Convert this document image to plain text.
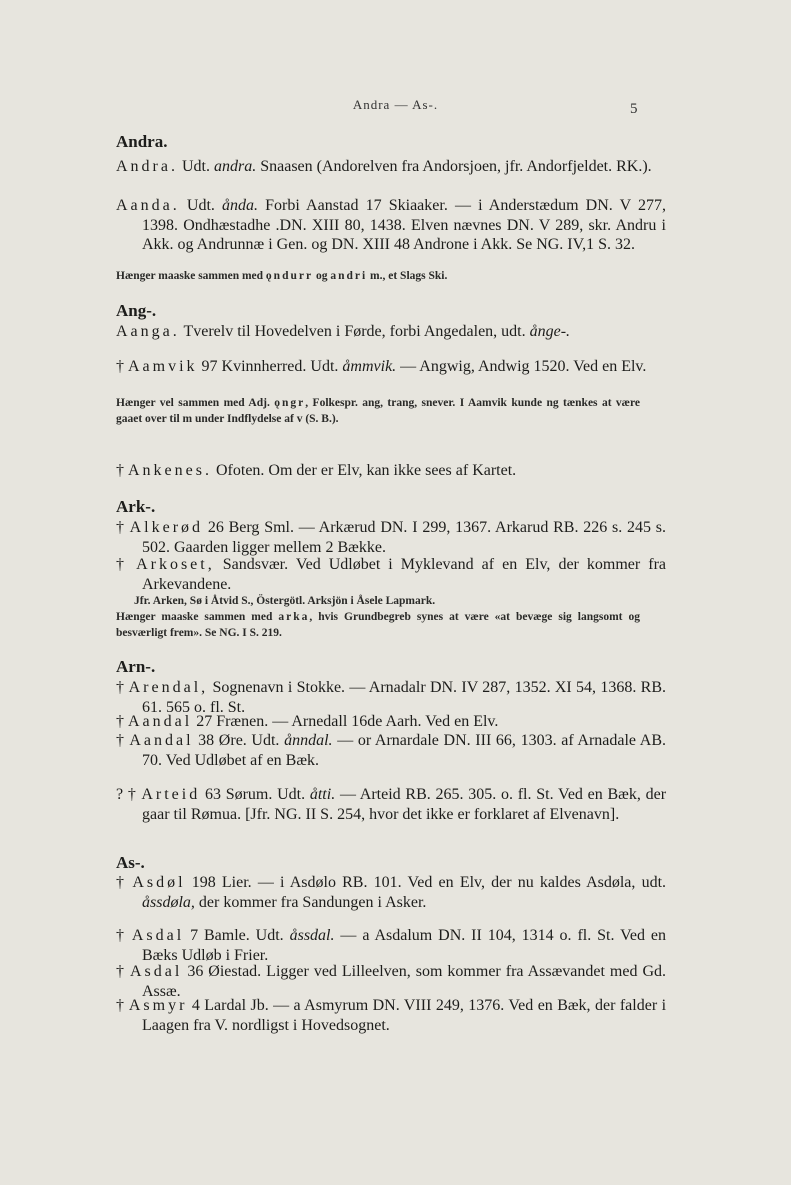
Andra — As-.	5
Andra.
Andra. Udt. andra. Snaasen (Andorelven fra Andorsjoen, jfr. Andorfjeldet. RK.).
Aanda. Udt. ånda. Forbi Aanstad 17 Skiaaker. — i Anderstædum DN. V 277, 1398. Ondhæstadhe .DN. XIII 80, 1438. Elven nævnes DN. V 289, skr. Andru i Akk. og Andrunnæ i Gen. og DN. XIII 48 Androne i Akk. Se NG. IV,1 S. 32.
Hænger maaske sammen med ǫndurr og andri m., et Slags Ski.
Ang-.
Aanga. Tverelv til Hovedelven i Førde, forbi Angedalen, udt. ånge-.
† Aamvik 97 Kvinnherred. Udt. åmmvik. — Angwig, Andwig 1520. Ved en Elv.
Hænger vel sammen med Adj. ǫngr, Folkespr. ang, trang, snever. I Aamvik kunde ng tænkes at være gaaet over til m under Indflydelse af v (S. B.).
† Ankenes. Ofoten. Om der er Elv, kan ikke sees af Kartet.
Ark-.
† Alkerød 26 Berg Sml. — Arkærud DN. I 299, 1367. Arkarud RB. 226 s. 245 s. 502. Gaarden ligger mellem 2 Bække.
† Arkoset, Sandsvær. Ved Udløbet i Myklevand af en Elv, der kommer fra Arkevandene.
Jfr. Arken, Sø i Åtvid S., Östergötl. Arksjön i Åsele Lapmark.
Hænger maaske sammen med arka, hvis Grundbegreb synes at være «at bevæge sig langsomt og besværligt frem». Se NG. I S. 219.
Arn-.
† Arendal, Sognenavn i Stokke. — Arnadalr DN. IV 287, 1352. XI 54, 1368. RB. 61. 565 o. fl. St.
† Aandal 27 Frænen. — Arnedall 16de Aarh. Ved en Elv.
† Aandal 38 Øre. Udt. ånndal. — or Arnardale DN. III 66, 1303. af Arnadale AB. 70. Ved Udløbet af en Bæk.
? † Arteid 63 Sørum. Udt. åtti. — Arteid RB. 265. 305. o. fl. St. Ved en Bæk, der gaar til Rømua. [Jfr. NG. II S. 254, hvor det ikke er forklaret af Elvenavn].
As-.
† Asdøl 198 Lier. — i Asdølo RB. 101. Ved en Elv, der nu kaldes Asdøla, udt. åssdøla, der kommer fra Sandungen i Asker.
† Asdal 7 Bamle. Udt. åssdal. — a Asdalum DN. II 104, 1314 o. fl. St. Ved en Bæks Udløb i Frier.
† Asdal 36 Øiestad. Ligger ved Lilleelven, som kommer fra Assævandet med Gd. Assæ.
† Asmyr 4 Lardal Jb. — a Asmyrum DN. VIII 249, 1376. Ved en Bæk, der falder i Laagen fra V. nordligst i Hovedsognet.
